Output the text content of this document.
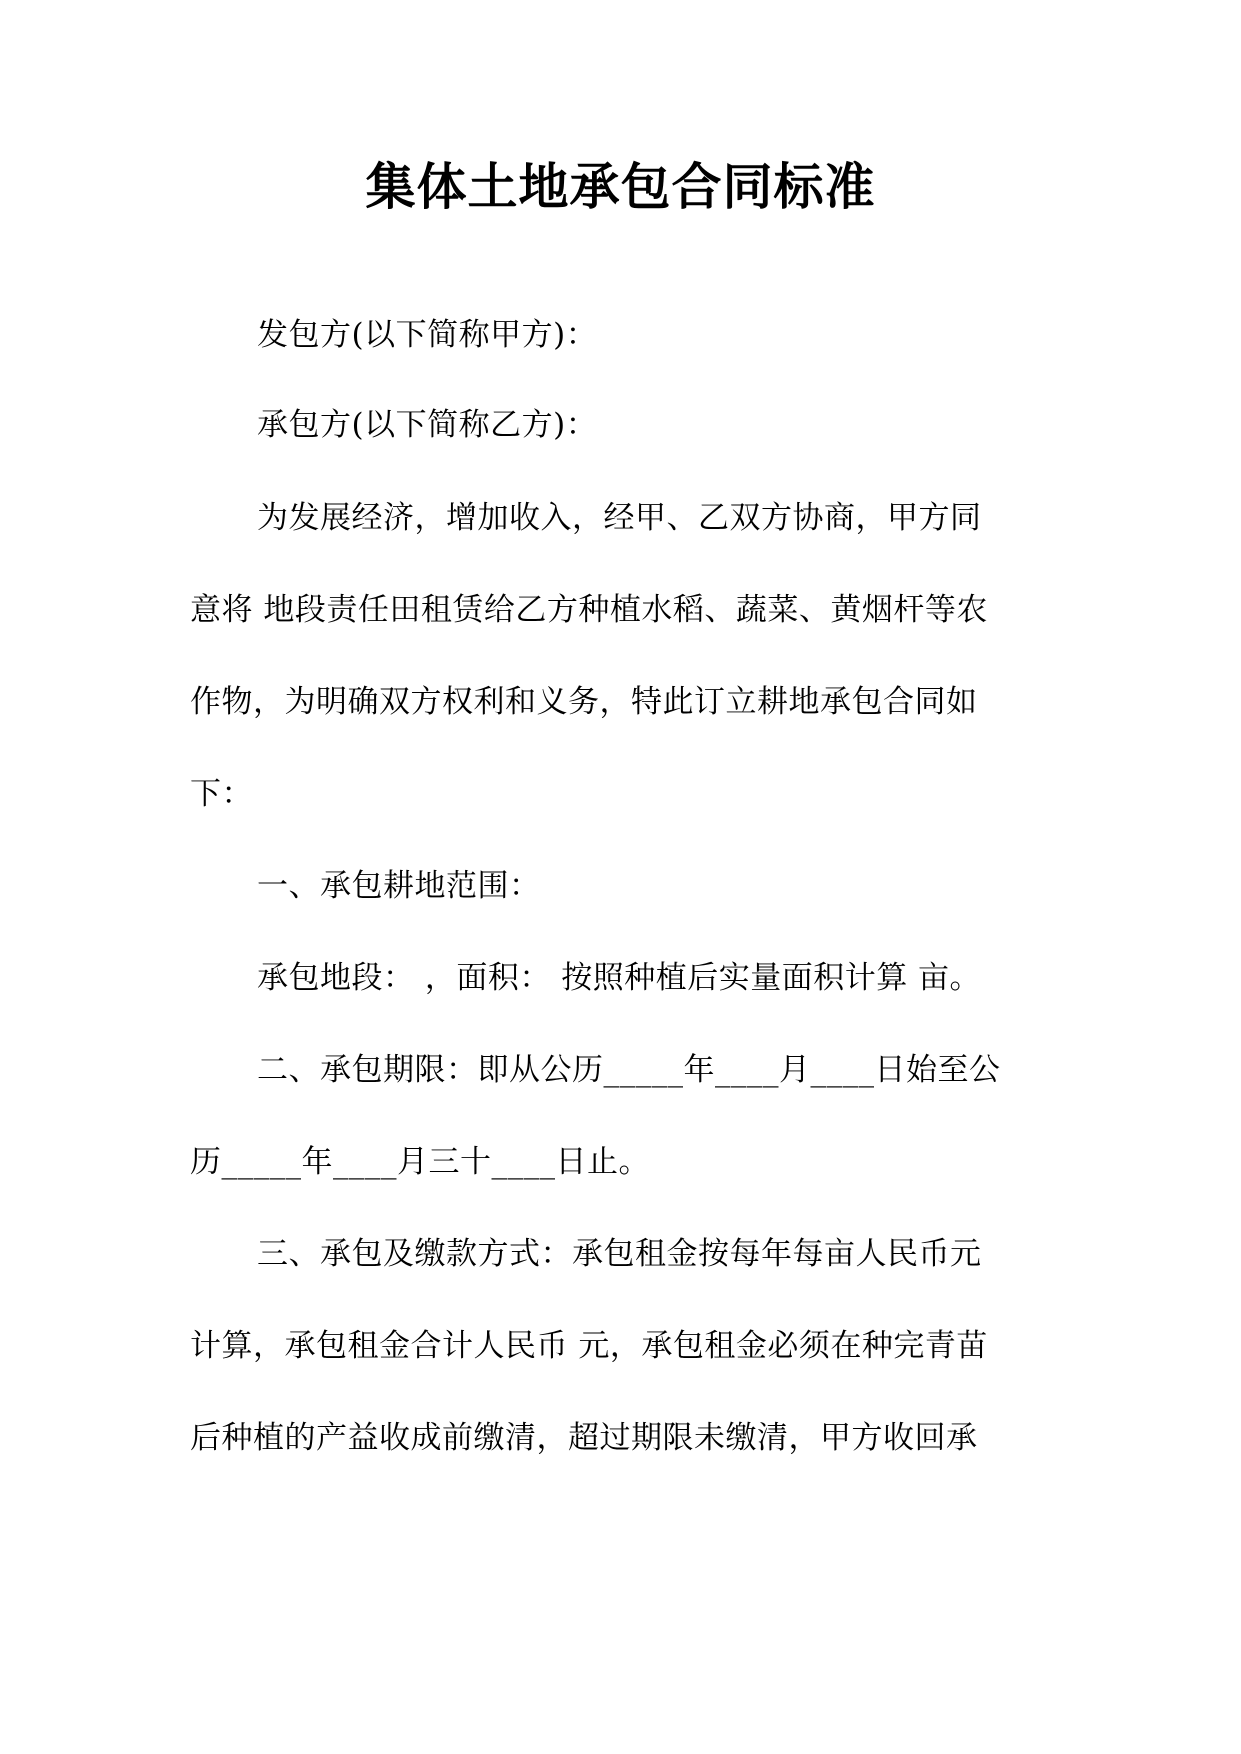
集体土地承包合同标准
发包方(以下简称甲方)：
承包方(以下简称乙方)：
为发展经济，增加收入，经甲、乙双方协商，甲方同
意将 地段责任田租赁给乙方种植水稻、蔬菜、黄烟杆等农
作物，为明确双方权利和义务，特此订立耕地承包合同如
下：
一、承包耕地范围：
承包地段： ，面积： 按照种植后实量面积计算 亩。
二、承包期限：即从公历_____年____月____日始至公
历_____年____月三十____日止。
三、承包及缴款方式：承包租金按每年每亩人民币元
计算，承包租金合计人民币 元，承包租金必须在种完青苗
后种植的产益收成前缴清，超过期限未缴清，甲方收回承
